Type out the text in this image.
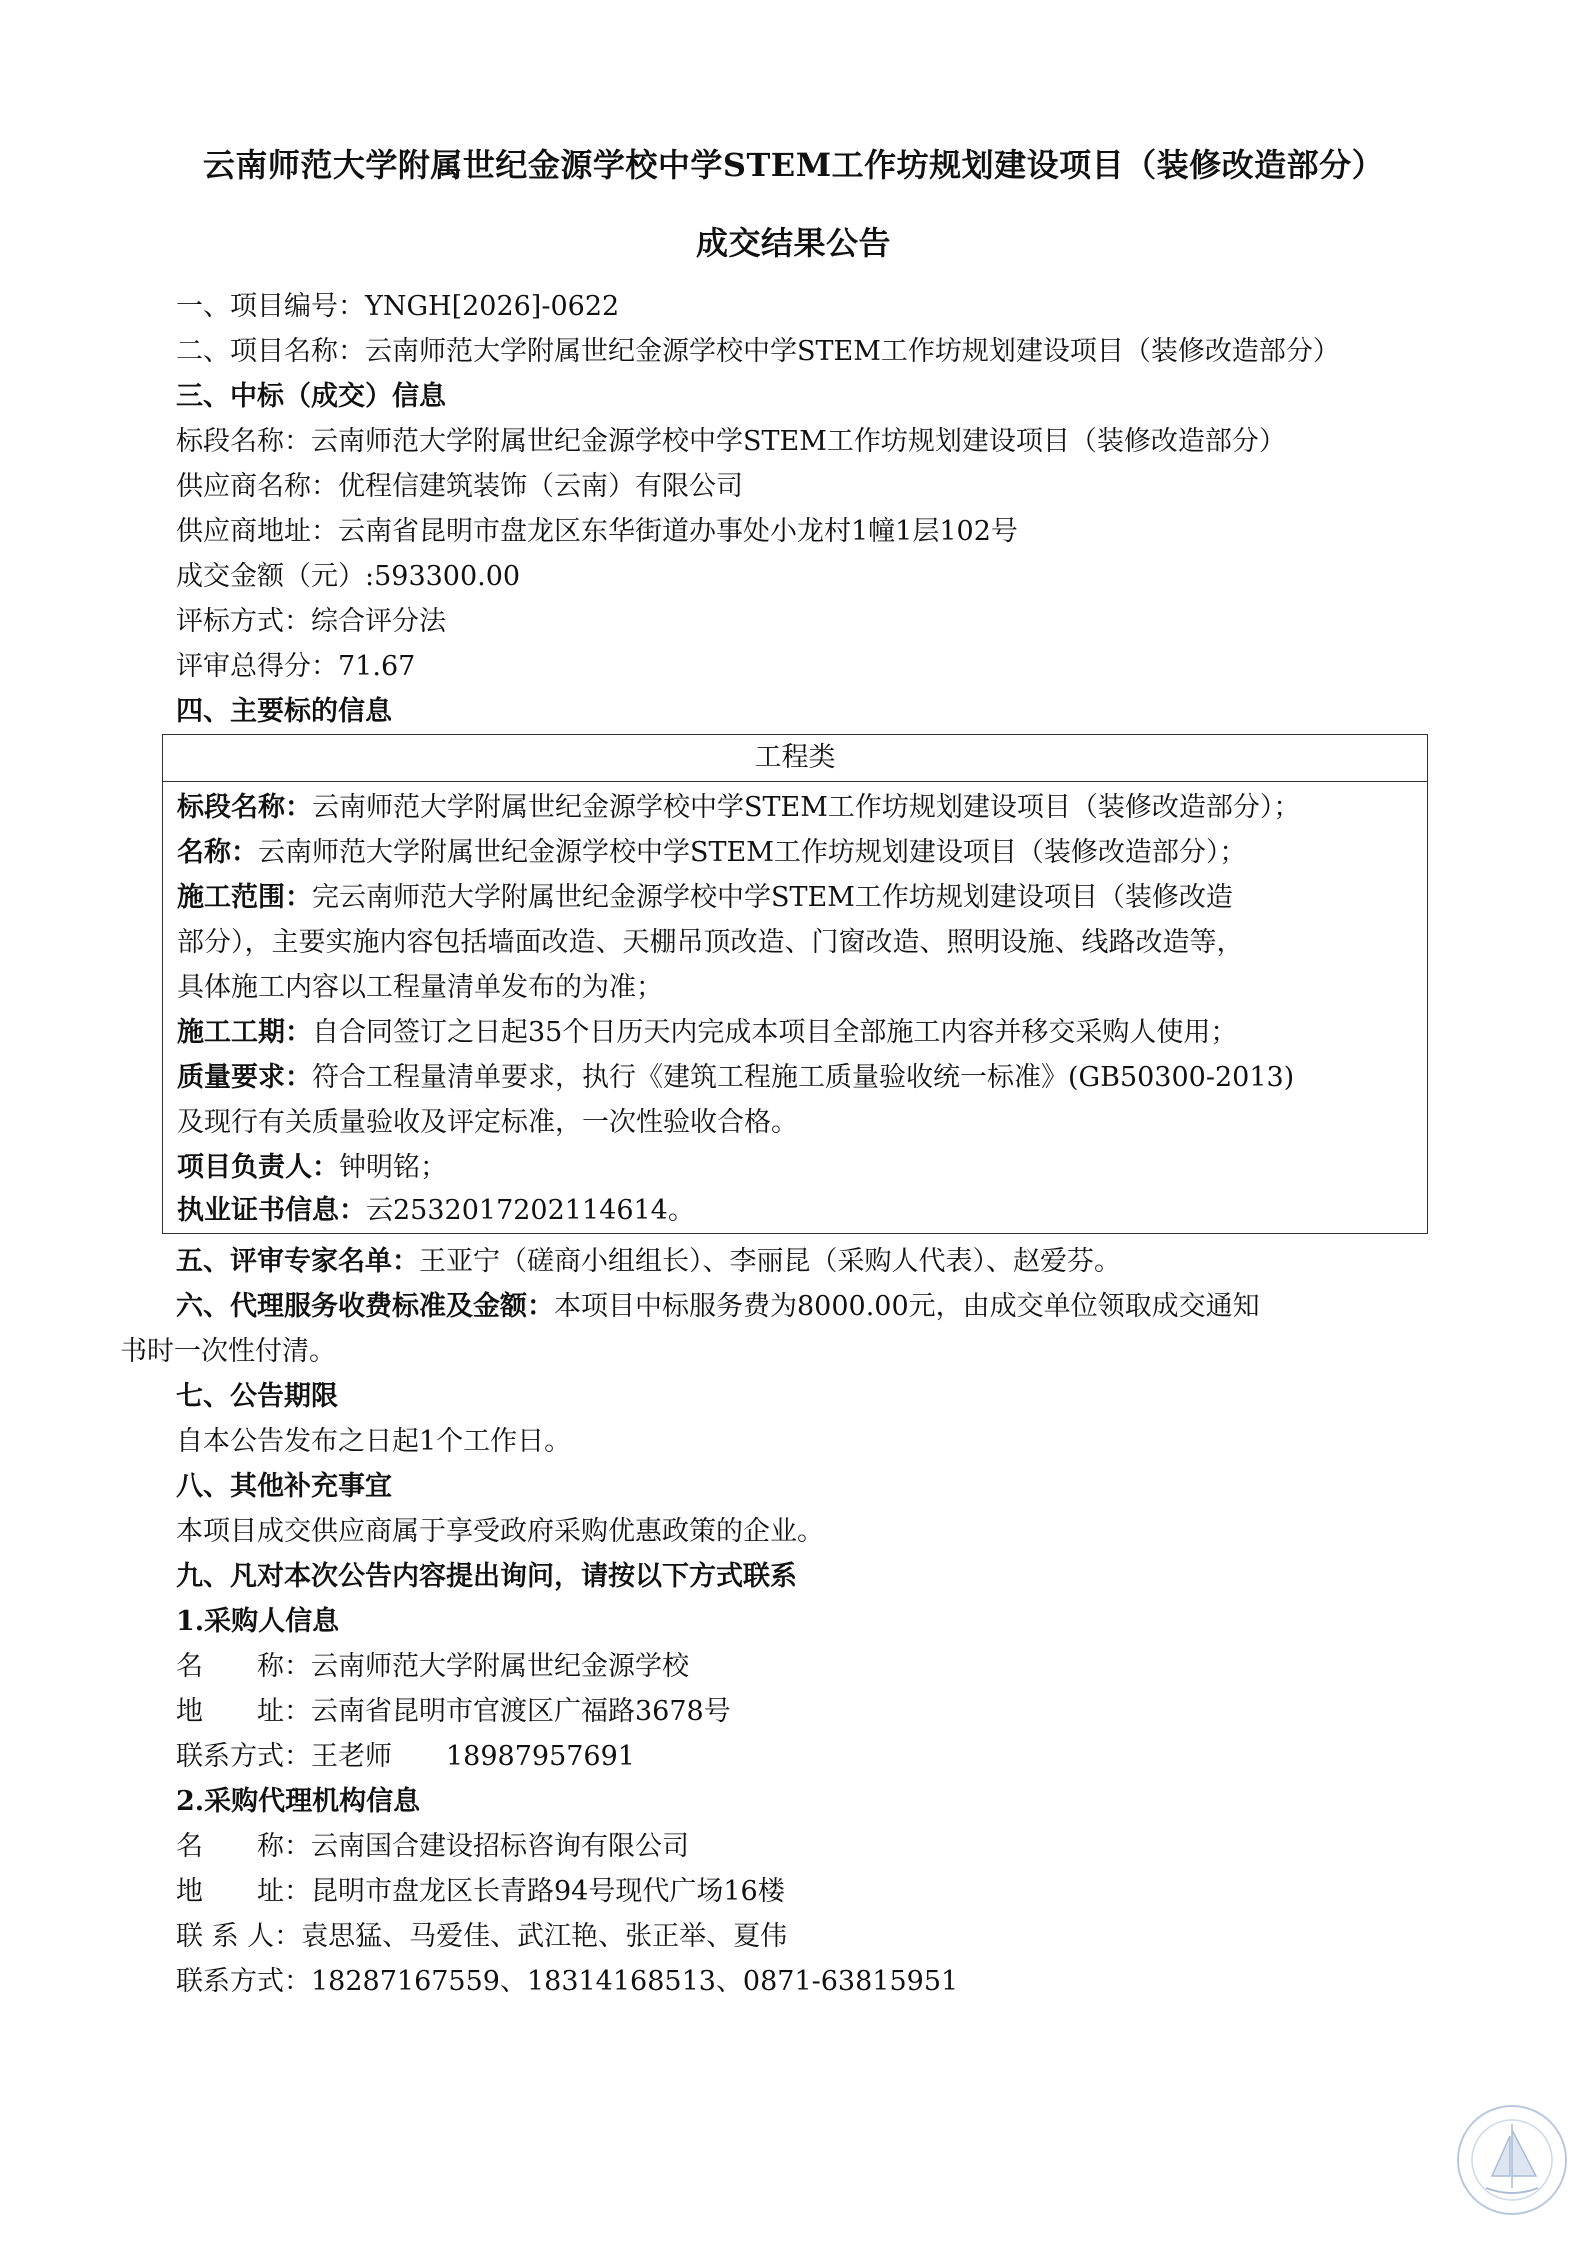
云南师范大学附属世纪金源学校中学STEM工作坊规划建设项目（装修改造部分）
成交结果公告
一、项目编号：YNGH[2026]-0622
二、项目名称：云南师范大学附属世纪金源学校中学STEM工作坊规划建设项目（装修改造部分）
三、中标（成交）信息
标段名称：云南师范大学附属世纪金源学校中学STEM工作坊规划建设项目（装修改造部分）
供应商名称：优程信建筑装饰（云南）有限公司
供应商地址：云南省昆明市盘龙区东华街道办事处小龙村1幢1层102号
成交金额（元）:593300.00
评标方式：综合评分法
评审总得分：71.67
四、主要标的信息
工程类
标段名称：云南师范大学附属世纪金源学校中学STEM工作坊规划建设项目（装修改造部分）；
名称：云南师范大学附属世纪金源学校中学STEM工作坊规划建设项目（装修改造部分）；
施工范围：完云南师范大学附属世纪金源学校中学STEM工作坊规划建设项目（装修改造
部分），主要实施内容包括墙面改造、天棚吊顶改造、门窗改造、照明设施、线路改造等，
具体施工内容以工程量清单发布的为准；
施工工期：自合同签订之日起35个日历天内完成本项目全部施工内容并移交采购人使用；
质量要求：符合工程量清单要求，执行《建筑工程施工质量验收统一标准》(GB50300-2013)
及现行有关质量验收及评定标准，一次性验收合格。
项目负责人：钟明铭；
执业证书信息：云2532017202114614。
五、评审专家名单：王亚宁（磋商小组组长）、李丽昆（采购人代表）、赵爱芬。
六、代理服务收费标准及金额：本项目中标服务费为8000.00元，由成交单位领取成交通知
书时一次性付清。
七、公告期限
自本公告发布之日起1个工作日。
八、其他补充事宜
本项目成交供应商属于享受政府采购优惠政策的企业。
九、凡对本次公告内容提出询问，请按以下方式联系
1.采购人信息
名　　称：云南师范大学附属世纪金源学校
地　　址：云南省昆明市官渡区广福路3678号
联系方式：王老师　　18987957691
2.采购代理机构信息
名　　称：云南国合建设招标咨询有限公司
地　　址：昆明市盘龙区长青路94号现代广场16楼
联 系 人：袁思猛、马爱佳、武江艳、张正举、夏伟
联系方式：18287167559、18314168513、0871-63815951
